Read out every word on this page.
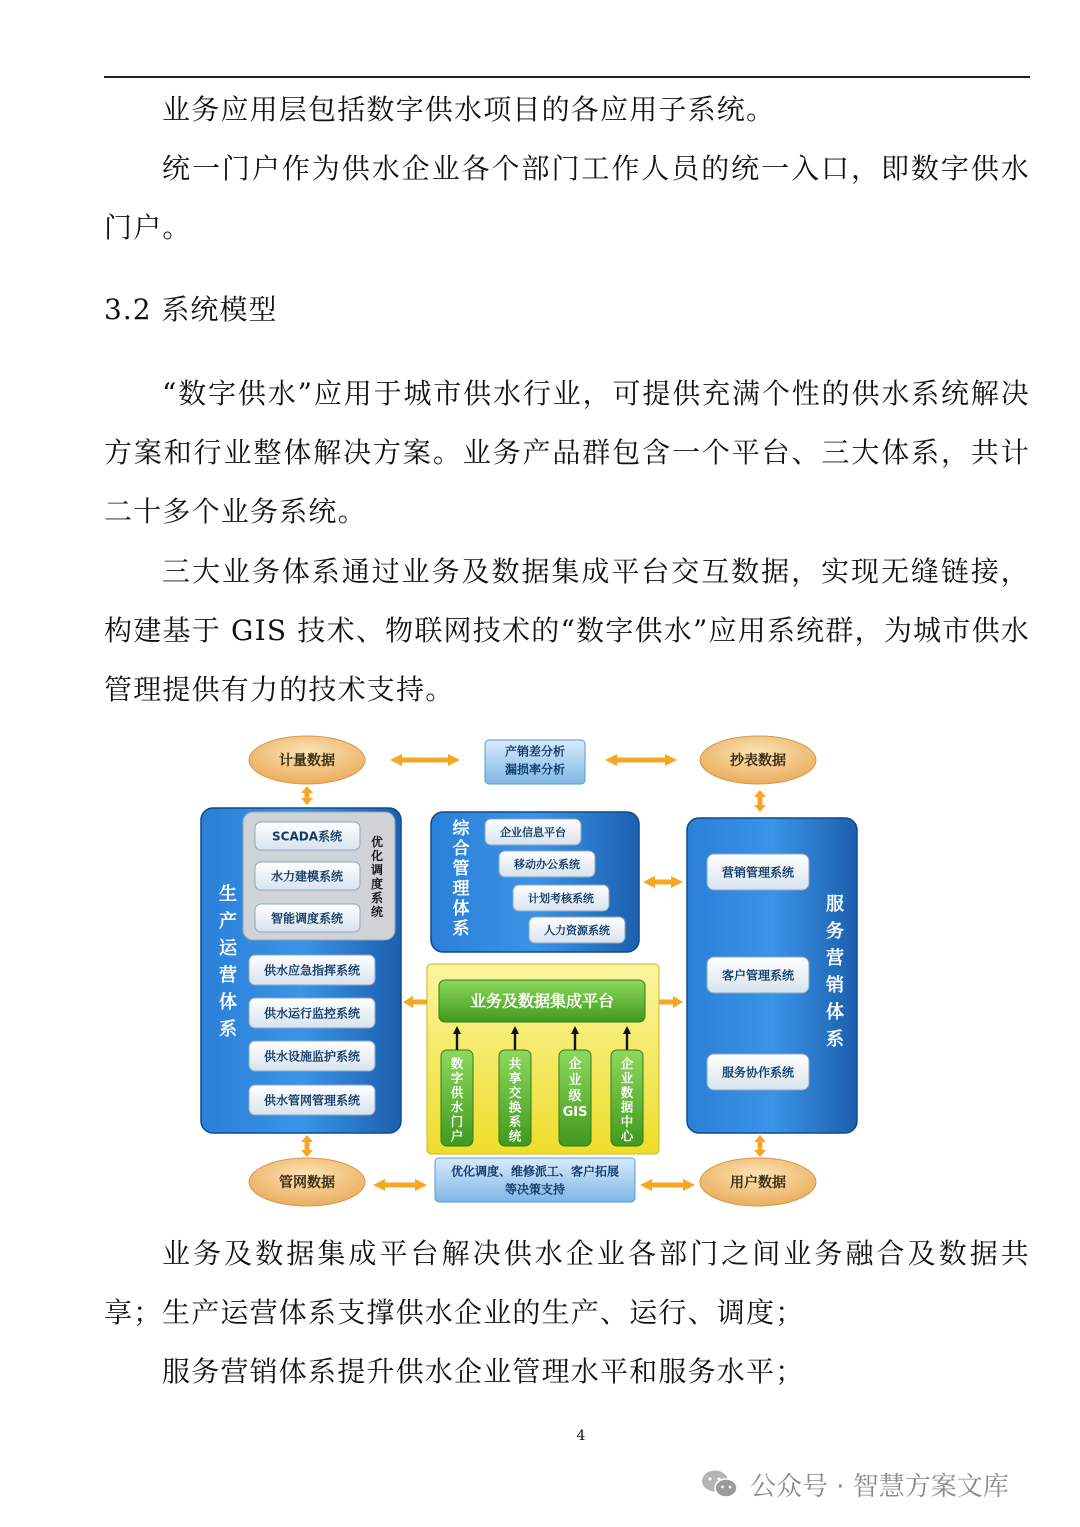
业务应用层包括数字供水项目的各应用子系统。

统一门户作为供水企业各个部门工作人员的统一入口，即数字供水门户。

3.2 系统模型

“数字供水”应用于城市供水行业，可提供充满个性的供水系统解决方案和行业整体解决方案。业务产品群包含一个平台、三大体系，共计二十多个业务系统。

三大业务体系通过业务及数据集成平台交互数据，实现无缝链接，构建基于 GIS 技术、物联网技术的“数字供水”应用系统群，为城市供水管理提供有力的技术支持。

计量数据	抄表数据
管网数据	用户数据
产销差分析
漏损率分析
优化调度、维修派工、客户拓展
等决策支持
生产运营体系
优化调度系统
SCADA系统
水力建模系统
智能调度系统
供水应急指挥系统
供水运行监控系统
供水设施监护系统
供水管网管理系统
综合管理体系
企业信息平台
移动办公系统
计划考核系统
人力资源系统
服务营销体系
营销管理系统
客户管理系统
服务协作系统
业务及数据集成平台
数字供水门户
共享交换系统
企业级 GIS
企业数据中心

业务及数据集成平台解决供水企业各部门之间业务融合及数据共享； 生产运营体系支撑供水企业的生产、运行、调度；

服务营销体系提升供水企业管理水平和服务水平；

4
公众号 · 智慧方案文库
